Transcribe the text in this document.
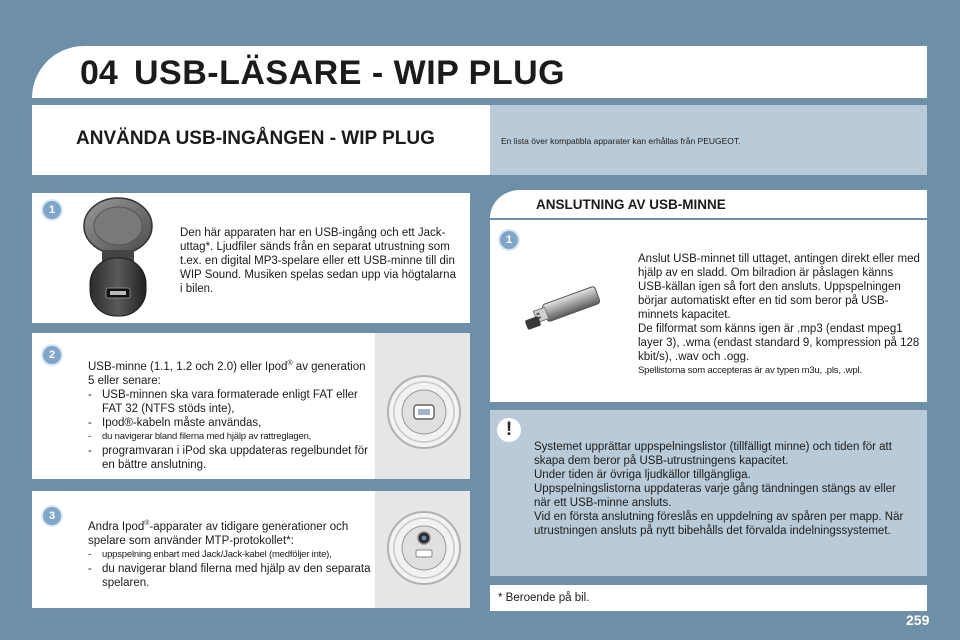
04 USB-LÄSARE - WIP PLUG
ANVÄNDA USB-INGÅNGEN - WIP PLUG	En lista över kompatibla apparater kan erhållas från PEUGEOT.
1
Den här apparaten har en USB-ingång och ett Jack-uttag*. Ljudfiler sänds från en separat utrustning som t.ex. en digital MP3-spelare eller ett USB-minne till din WIP Sound. Musiken spelas sedan upp via högtalarna i bilen.
2

USB-minne (1.1, 1.2 och 2.0) eller Ipod® av generation 5 eller senare:

- USB-minnen ska vara formaterade enligt FAT eller FAT 32 (NTFS stöds inte),
- Ipod®-kabeln måste användas,
- du navigerar bland filerna med hjälp av rattreglagen,
- programvaran i iPod ska uppdateras regelbundet för en bättre anslutning.
3

Andra Ipod®-apparater av tidigare generationer och spelare som använder MTP-protokollet*:

- uppspelning enbart med Jack/Jack-kabel (medföljer inte),
- du navigerar bland filerna med hjälp av den separata spelaren.
ANSLUTNING AV USB-MINNE
1

Anslut USB-minnet till uttaget, antingen direkt eller med hjälp av en sladd. Om bilradion är påslagen känns USB-källan igen så fort den ansluts. Uppspelningen börjar automatiskt efter en tid som beror på USB-minnets kapacitet.

De filformat som känns igen är .mp3 (endast mpeg1 layer 3), .wma (endast standard 9, kompression på 128 kbit/s), .wav och .ogg.

Spellistorna som accepteras är av typen m3u, .pls, .wpl.

!

Systemet upprättar uppspelningslistor (tillfälligt minne) och tiden för att skapa dem beror på USB-utrustningens kapacitet.

Under tiden är övriga ljudkällor tillgängliga.

Uppspelningslistorna uppdateras varje gång tändningen stängs av eller när ett USB-minne ansluts.

Vid en första anslutning föreslås en uppdelning av spåren per mapp. När utrustningen ansluts på nytt bibehålls det förvalda indelningssystemet.

* Beroende på bil.
259
